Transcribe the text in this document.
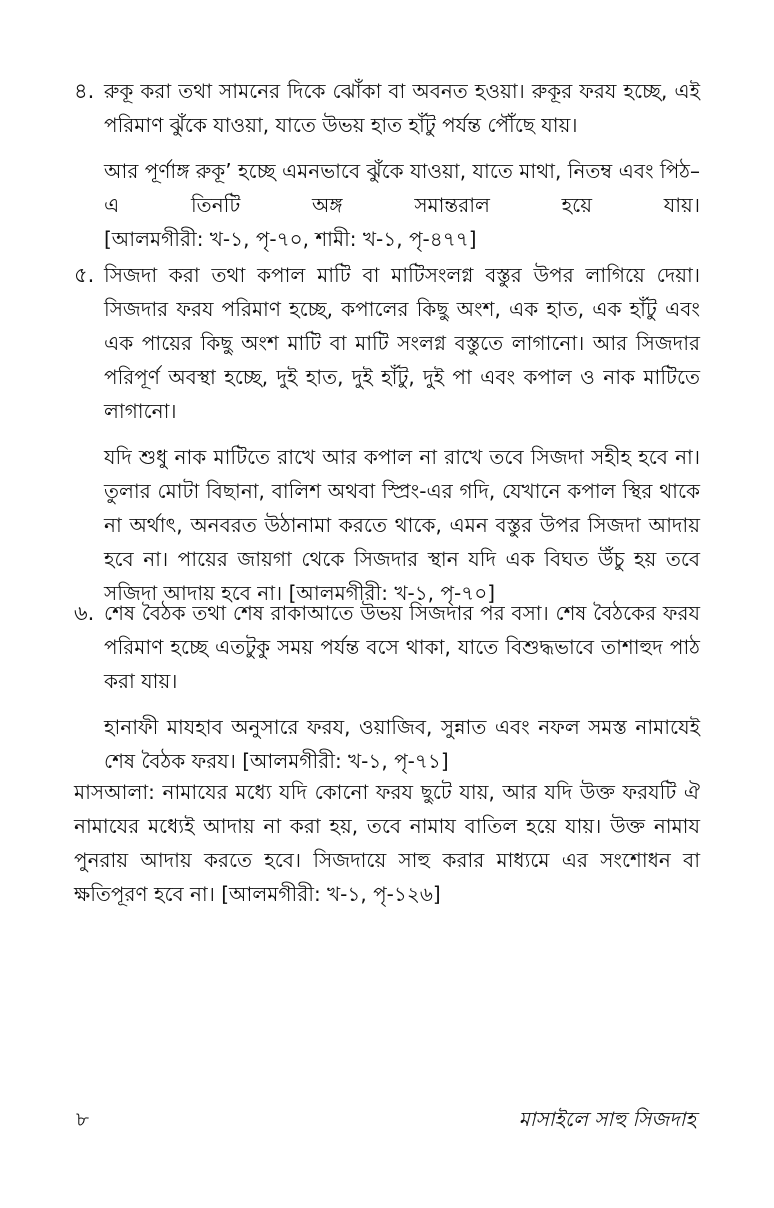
৪. রুকূ করা তথা সামনের দিকে ঝোঁকা বা অবনত হওয়া। রুকূর ফরয হচ্ছে, এই পরিমাণ ঝুঁকে যাওয়া, যাতে উভয় হাত হাঁটু পর্যন্ত পৌঁছে যায়।

আর পূর্ণাঙ্গ রুকূ’ হচ্ছে এমনভাবে ঝুঁকে যাওয়া, যাতে মাথা, নিতম্ব এবং পিঠ– এ তিনটি অঙ্গ সমান্তরাল হয়ে যায়। [আলমগীরী: খ-১, পৃ-৭০, শামী: খ-১, পৃ-৪৭৭]

৫. সিজদা করা তথা কপাল মাটি বা মাটিসংলগ্ন বস্তুর উপর লাগিয়ে দেয়া। সিজদার ফরয পরিমাণ হচ্ছে, কপালের কিছু অংশ, এক হাত, এক হাঁটু এবং এক পায়ের কিছু অংশ মাটি বা মাটি সংলগ্ন বস্তুতে লাগানো। আর সিজদার পরিপূর্ণ অবস্থা হচ্ছে, দুই হাত, দুই হাঁটু, দুই পা এবং কপাল ও নাক মাটিতে লাগানো।

যদি শুধু নাক মাটিতে রাখে আর কপাল না রাখে তবে সিজদা সহীহ হবে না। তুলার মোটা বিছানা, বালিশ অথবা স্প্রিং-এর গদি, যেখানে কপাল স্থির থাকে না অর্থাৎ, অনবরত উঠানামা করতে থাকে, এমন বস্তুর উপর সিজদা আদায় হবে না। পায়ের জায়গা থেকে সিজদার স্থান যদি এক বিঘত উঁচু হয় তবে সজিদা আদায় হবে না। [আলমগীরী: খ-১, পৃ-৭০]

৬. শেষ বৈঠক তথা শেষ রাকাআতে উভয় সিজদার পর বসা। শেষ বৈঠকের ফরয পরিমাণ হচ্ছে এতটুকু সময় পর্যন্ত বসে থাকা, যাতে বিশুদ্ধভাবে তাশাহুদ পাঠ করা যায়।

হানাফী মাযহাব অনুসারে ফরয, ওয়াজিব, সুন্নাত এবং নফল সমস্ত নামাযেই শেষ বৈঠক ফরয। [আলমগীরী: খ-১, পৃ-৭১]

মাসআলা: নামাযের মধ্যে যদি কোনো ফরয ছুটে যায়, আর যদি উক্ত ফরযটি ঐ নামাযের মধ্যেই আদায় না করা হয়, তবে নামায বাতিল হয়ে যায়। উক্ত নামায পুনরায় আদায় করতে হবে। সিজদায়ে সাহু করার মাধ্যমে এর সংশোধন বা ক্ষতিপূরণ হবে না। [আলমগীরী: খ-১, পৃ-১২৬]

৮	মাসাইলে সাহু সিজদাহ
